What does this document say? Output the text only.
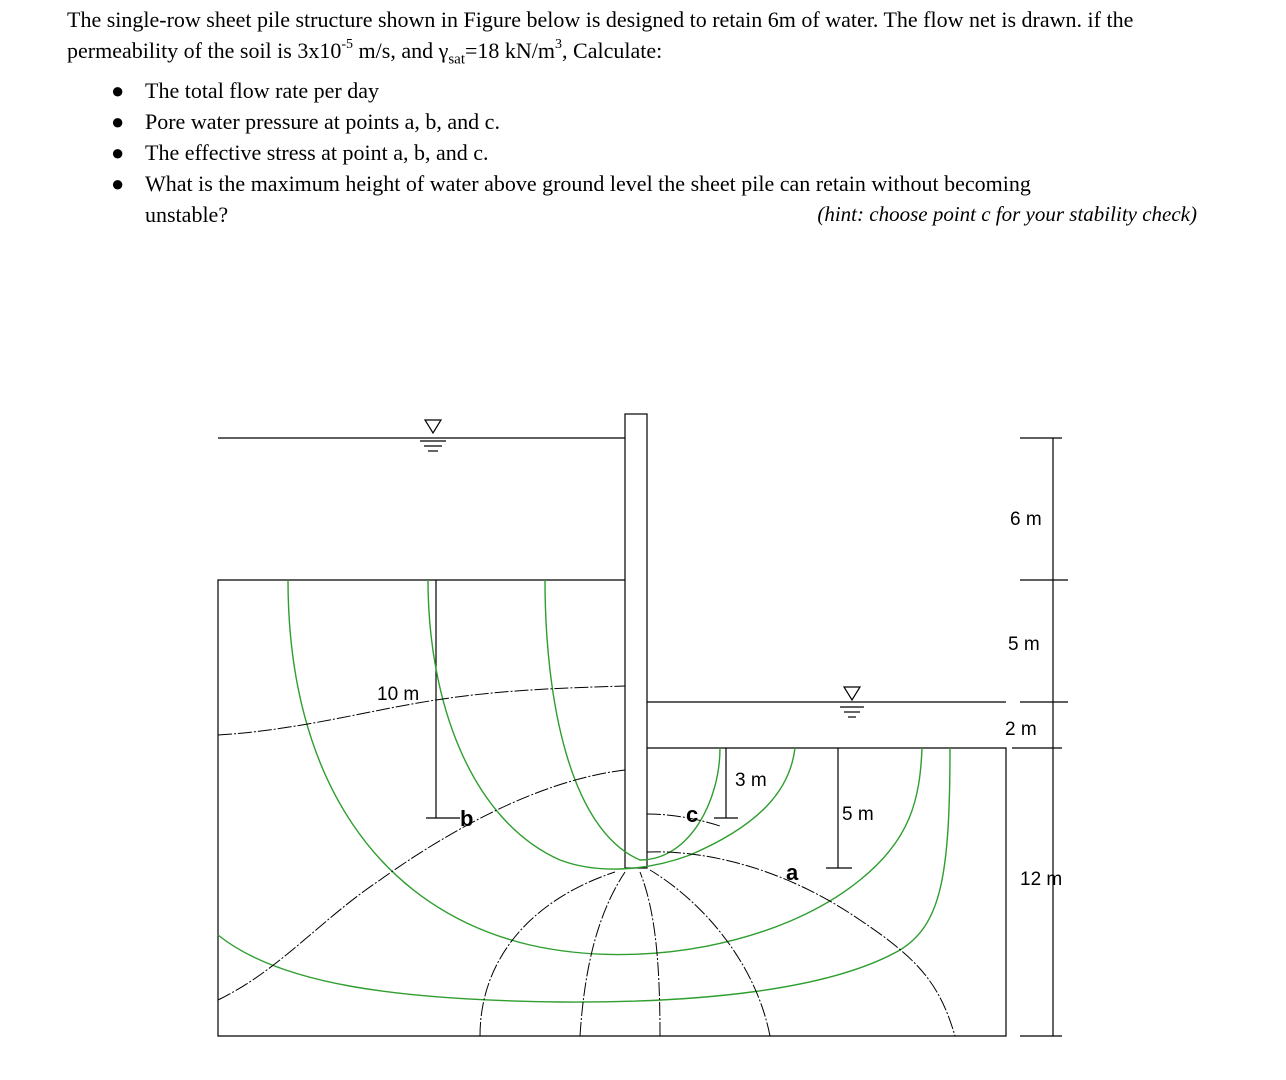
The single-row sheet pile structure shown in Figure below is designed to retain 6m of water. The flow net is drawn. if the permeability of the soil is $3x10^{-5}$ m/s, and $\gamma_{sat}=18$ $kN/m^3$, Calculate:

● The total flow rate per day
● Pore water pressure at points a, b, and c.
● The effective stress at point a, b, and c.
● What is the maximum height of water above ground level the sheet pile can retain without becoming
unstable?	(hint: choose point c for your stability check)
6 m
5 m
2 m
12 m
10 m
3 m
5 m
a
b	c
